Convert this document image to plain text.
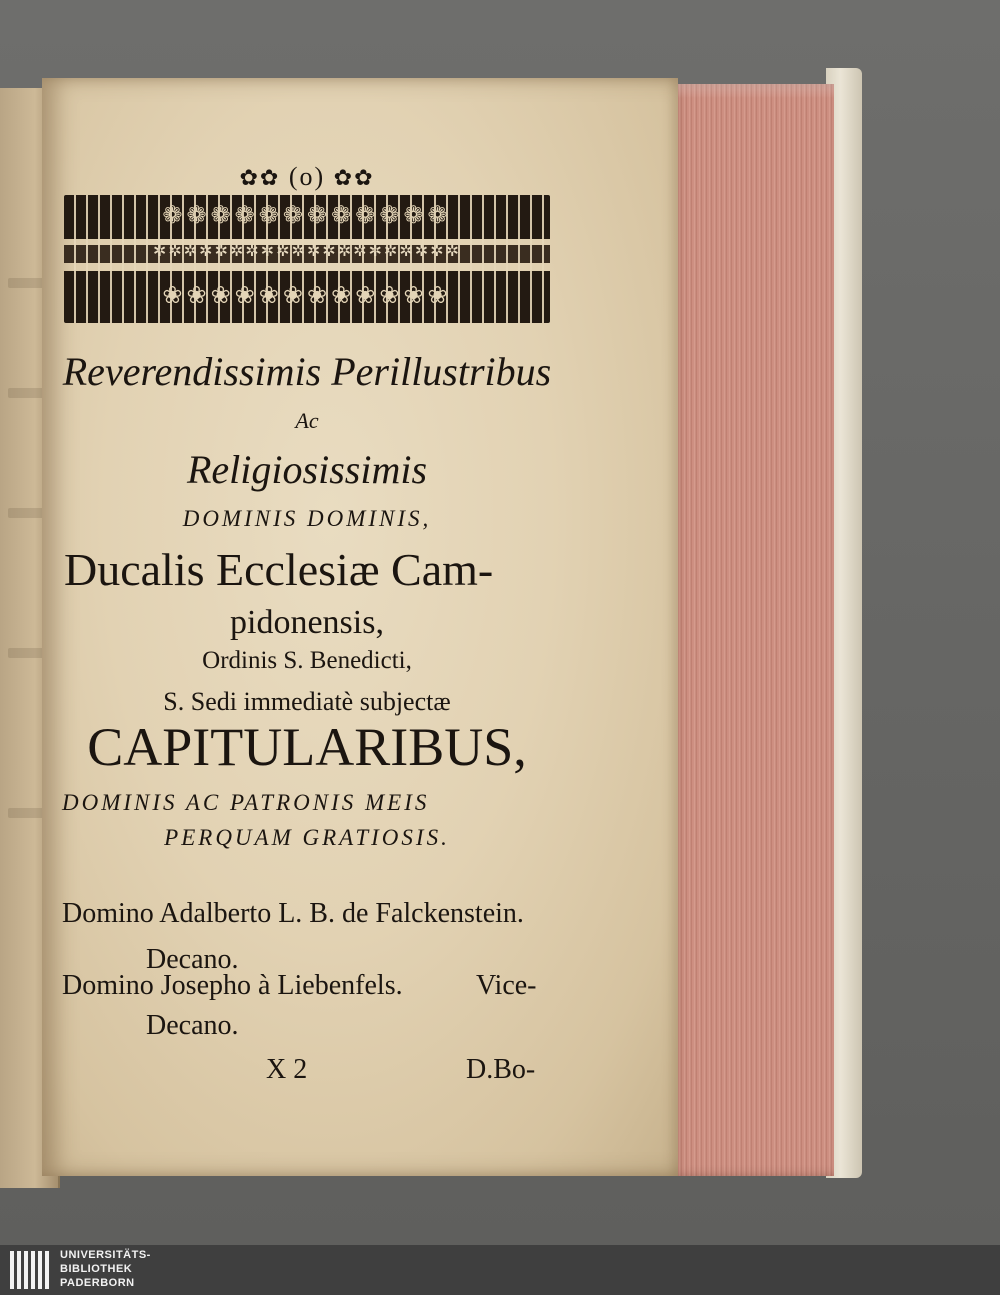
✿✿ (o) ✿✿
❁❁❁❁❁❁❁❁❁❁❁❁
✲✲✲✲✲✲✲✲✲✲✲✲✲✲✲✲✲✲✲✲
❀❀❀❀❀❀❀❀❀❀❀❀
Reverendissimis Perillustribus
Ac
Religiosissimis
DOMINIS DOMINIS,
Ducalis Ecclesiæ Cam-
pidonensis,
Ordinis S. Benedicti,
S. Sedi immediatè subjectæ
CAPITULARIBUS,
DOMINIS AC PATRONIS MEIS
PERQUAM GRATIOSIS.
Domino Adalberto L. B. de Falckenstein.
Decano.
Domino Josepho à Liebenfels.	Vice-
Decano.
X 2	D.Bo-
UNIVERSITÄTS-
BIBLIOTHEK
PADERBORN
